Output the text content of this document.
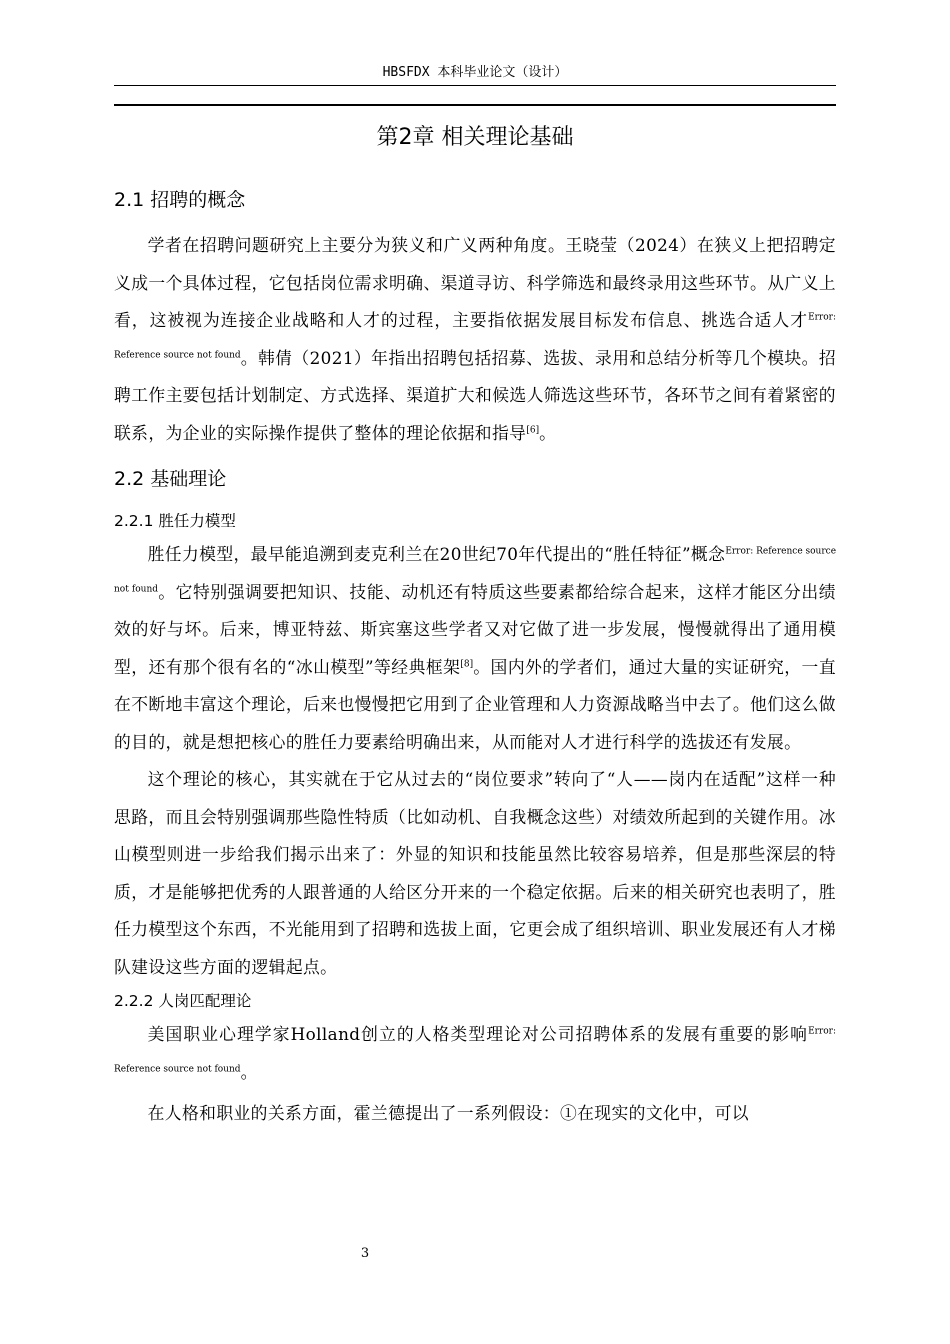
HBSFDX 本科毕业论文（设计）
第2章 相关理论基础
2.1 招聘的概念

学者在招聘问题研究上主要分为狭义和广义两种角度。王晓莹（2024）在狭义上把招聘定义成一个具体过程，它包括岗位需求明确、渠道寻访、科学筛选和最终录用这些环节。从广义上看，这被视为连接企业战略和人才的过程，主要指依据发展目标发布信息、挑选合适人才$^{Error: Reference source not found}$。韩倩（2021）年指出招聘包括招募、选拔、录用和总结分析等几个模块。招聘工作主要包括计划制定、方式选择、渠道扩大和候选人筛选这些环节，各环节之间有着紧密的联系，为企业的实际操作提供了整体的理论依据和指导[6]。

2.2 基础理论
2.2.1 胜任力模型

胜任力模型，最早能追溯到麦克利兰在20世纪70年代提出的“胜任特征”概念$^{Error: Reference source not found}$。它特别强调要把知识、技能、动机还有特质这些要素都给综合起来，这样才能区分出绩效的好与坏。后来，博亚特兹、斯宾塞这些学者又对它做了进一步发展，慢慢就得出了通用模型，还有那个很有名的“冰山模型”等经典框架[8]。国内外的学者们，通过大量的实证研究，一直在不断地丰富这个理论，后来也慢慢把它用到了企业管理和人力资源战略当中去了。他们这么做的目的，就是想把核心的胜任力要素给明确出来，从而能对人才进行科学的选拔还有发展。

这个理论的核心，其实就在于它从过去的“岗位要求”转向了“人——岗内在适配”这样一种思路，而且会特别强调那些隐性特质（比如动机、自我概念这些）对绩效所起到的关键作用。冰山模型则进一步给我们揭示出来了：外显的知识和技能虽然比较容易培养，但是那些深层的特质，才是能够把优秀的人跟普通的人给区分开来的一个稳定依据。后来的相关研究也表明了，胜任力模型这个东西，不光能用到了招聘和选拔上面，它更会成了组织培训、职业发展还有人才梯队建设这些方面的逻辑起点。

2.2.2 人岗匹配理论

美国职业心理学家Holland创立的人格类型理论对公司招聘体系的发展有重要的影响$^{Error: Reference source not found}$。

在人格和职业的关系方面，霍兰德提出了一系列假设：①在现实的文化中，可以

3
